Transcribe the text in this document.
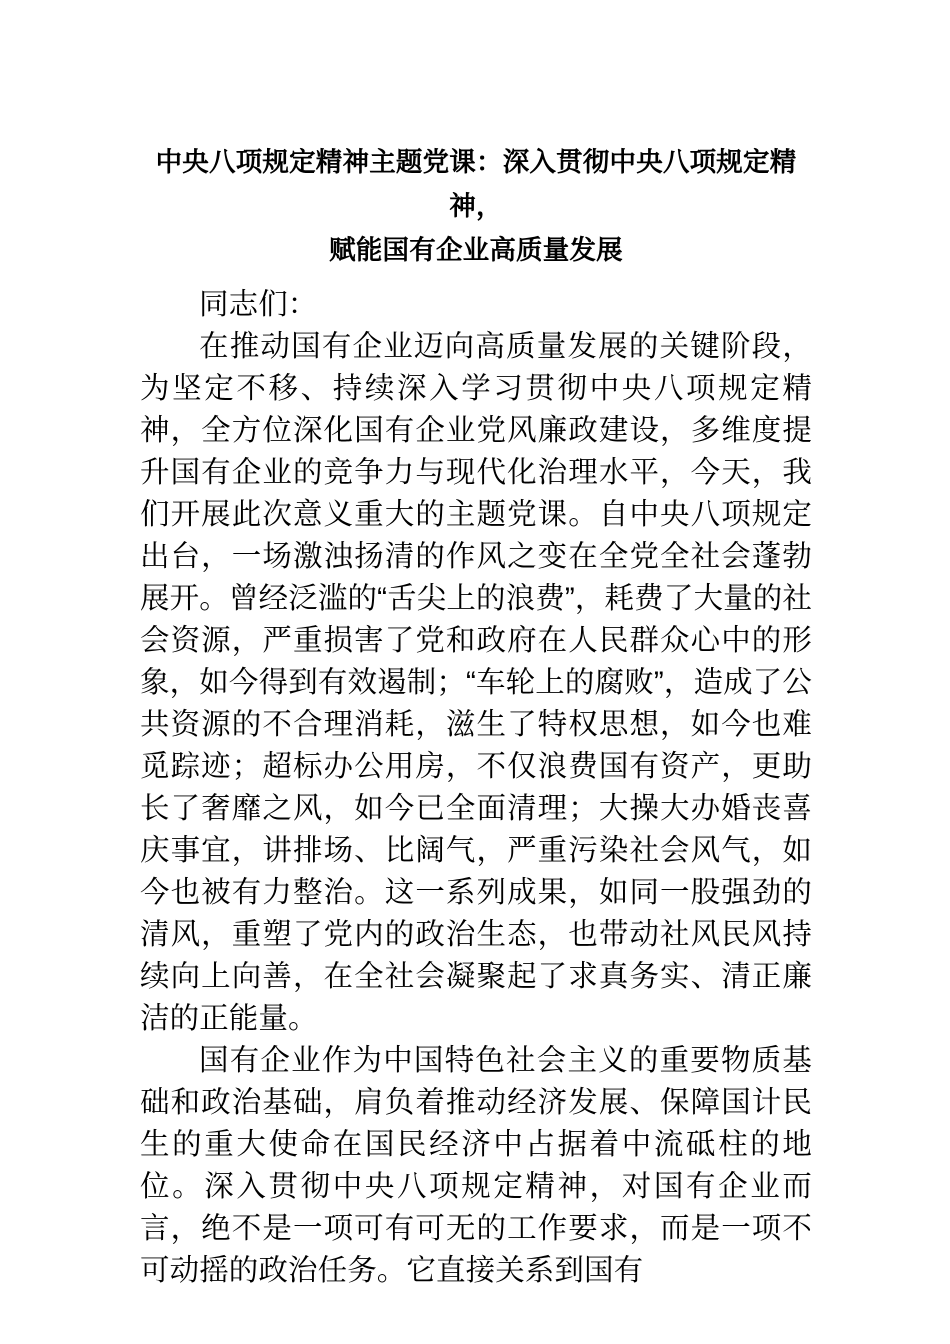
中央八项规定精神主题党课：深入贯彻中央八项规定精神，
赋能国有企业高质量发展

同志们：

在推动国有企业迈向高质量发展的关键阶段，为坚定不移、持续深入学习贯彻中央八项规定精神，全方位深化国有企业党风廉政建设，多维度提升国有企业的竞争力与现代化治理水平，今天，我们开展此次意义重大的主题党课。自中央八项规定出台，一场激浊扬清的作风之变在全党全社会蓬勃展开。曾经泛滥的“舌尖上的浪费”，耗费了大量的社会资源，严重损害了党和政府在人民群众心中的形象，如今得到有效遏制；“车轮上的腐败”，造成了公共资源的不合理消耗，滋生了特权思想，如今也难觅踪迹；超标办公用房，不仅浪费国有资产，更助长了奢靡之风，如今已全面清理；大操大办婚丧喜庆事宜，讲排场、比阔气，严重污染社会风气，如今也被有力整治。这一系列成果，如同一股强劲的清风，重塑了党内的政治生态，也带动社风民风持续向上向善，在全社会凝聚起了求真务实、清正廉洁的正能量。

国有企业作为中国特色社会主义的重要物质基础和政治基础，肩负着推动经济发展、保障国计民生的重大使命在国民经济中占据着中流砥柱的地位。深入贯彻中央八项规定精神，对国有企业而言，绝不是一项可有可无的工作要求，而是一项不可动摇的政治任务。它直接关系到国有
